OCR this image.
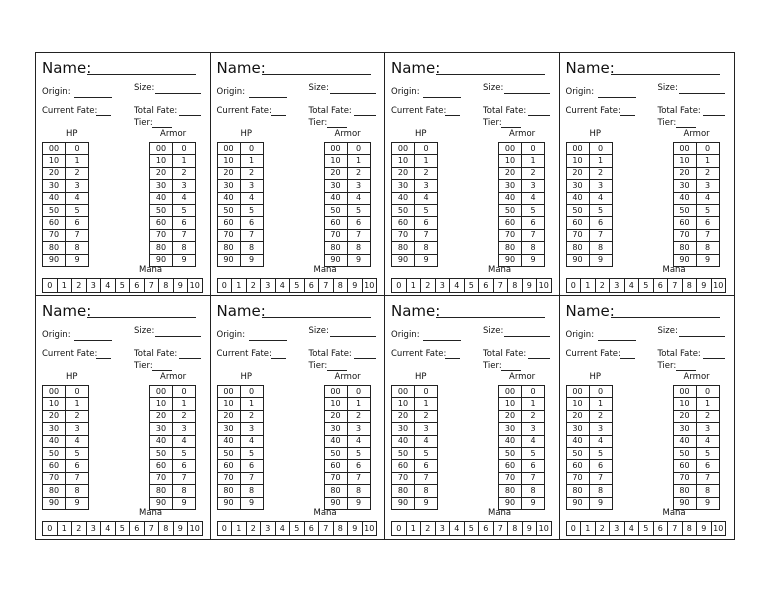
Name:
Origin:	Size:
Current Fate:	Total Fate:
Tier:
HP	Armor
00	0
10	1
20	2
30	3
40	4
50	5
60	6
70	7
80	8
90	9
00	0
10	1
20	2
30	3
40	4
50	5
60	6
70	7
80	8
90	9
Mana
0	1	2	3	4	5	6	7	8	9	10
Name:
Origin:	Size:
Current Fate:	Total Fate:
Tier:
HP	Armor
00	0
10	1
20	2
30	3
40	4
50	5
60	6
70	7
80	8
90	9
00	0
10	1
20	2
30	3
40	4
50	5
60	6
70	7
80	8
90	9
Mana
0	1	2	3	4	5	6	7	8	9	10
Name:
Origin:	Size:
Current Fate:	Total Fate:
Tier:
HP	Armor
00	0
10	1
20	2
30	3
40	4
50	5
60	6
70	7
80	8
90	9
00	0
10	1
20	2
30	3
40	4
50	5
60	6
70	7
80	8
90	9
Mana
0	1	2	3	4	5	6	7	8	9	10
Name:
Origin:	Size:
Current Fate:	Total Fate:
Tier:
HP	Armor
00	0
10	1
20	2
30	3
40	4
50	5
60	6
70	7
80	8
90	9
00	0
10	1
20	2
30	3
40	4
50	5
60	6
70	7
80	8
90	9
Mana
0	1	2	3	4	5	6	7	8	9	10
Name:
Origin:	Size:
Current Fate:	Total Fate:
Tier:
HP	Armor
00	0
10	1
20	2
30	3
40	4
50	5
60	6
70	7
80	8
90	9
00	0
10	1
20	2
30	3
40	4
50	5
60	6
70	7
80	8
90	9
Mana
0	1	2	3	4	5	6	7	8	9	10
Name:
Origin:	Size:
Current Fate:	Total Fate:
Tier:
HP	Armor
00	0
10	1
20	2
30	3
40	4
50	5
60	6
70	7
80	8
90	9
00	0
10	1
20	2
30	3
40	4
50	5
60	6
70	7
80	8
90	9
Mana
0	1	2	3	4	5	6	7	8	9	10
Name:
Origin:	Size:
Current Fate:	Total Fate:
Tier:
HP	Armor
00	0
10	1
20	2
30	3
40	4
50	5
60	6
70	7
80	8
90	9
00	0
10	1
20	2
30	3
40	4
50	5
60	6
70	7
80	8
90	9
Mana
0	1	2	3	4	5	6	7	8	9	10
Name:
Origin:	Size:
Current Fate:	Total Fate:
Tier:
HP	Armor
00	0
10	1
20	2
30	3
40	4
50	5
60	6
70	7
80	8
90	9
00	0
10	1
20	2
30	3
40	4
50	5
60	6
70	7
80	8
90	9
Mana
0	1	2	3	4	5	6	7	8	9	10
